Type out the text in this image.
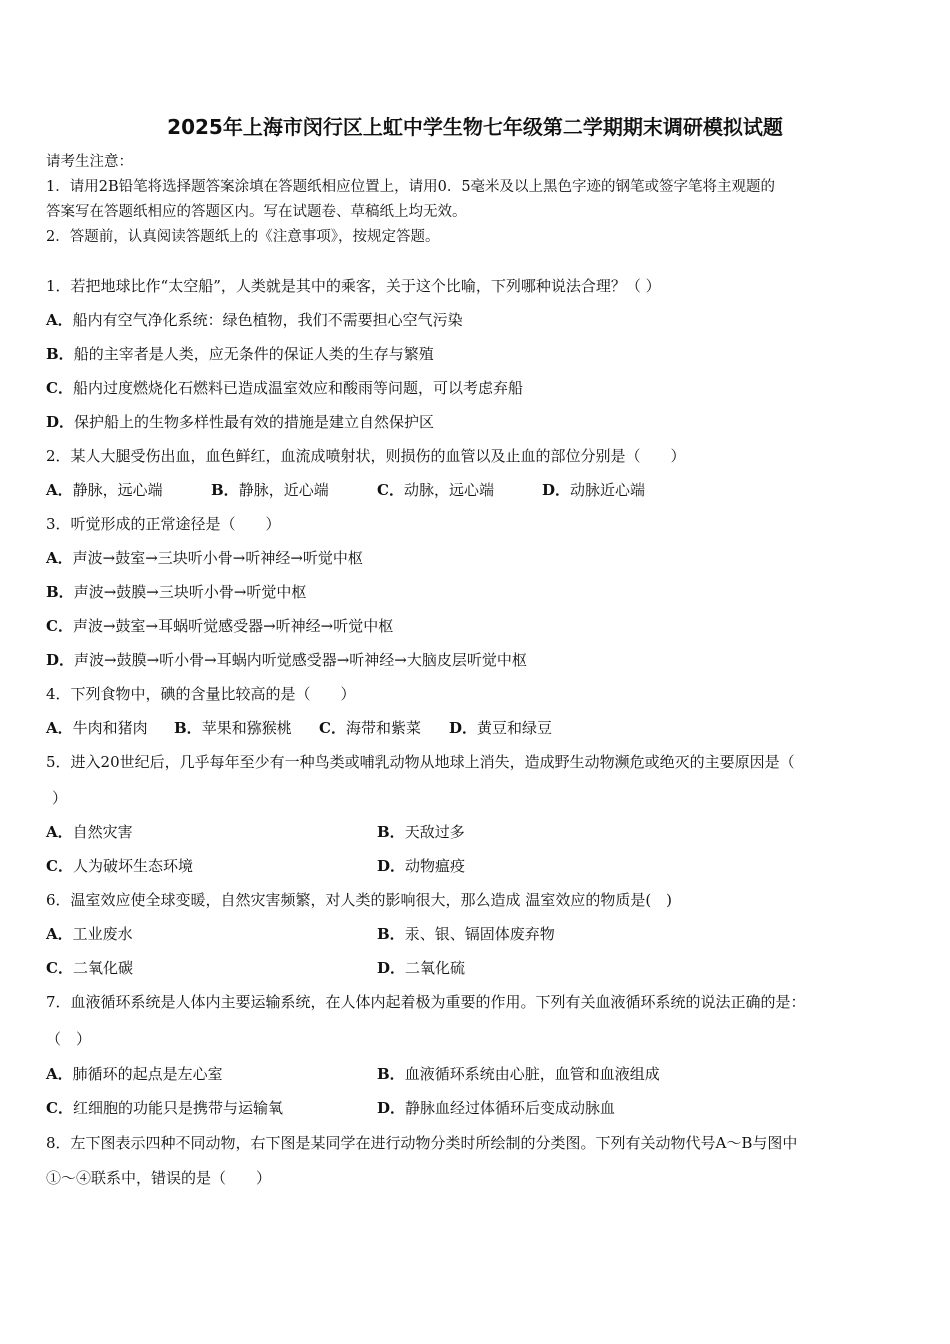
2025年上海市闵行区上虹中学生物七年级第二学期期末调研模拟试题
请考生注意：
1．请用2B铅笔将选择题答案涂填在答题纸相应位置上，请用0．5毫米及以上黑色字迹的钢笔或签字笔将主观题的
答案写在答题纸相应的答题区内。写在试题卷、草稿纸上均无效。
2．答题前，认真阅读答题纸上的《注意事项》，按规定答题。
1．若把地球比作“太空船”，人类就是其中的乘客，关于这个比喻，下列哪种说法合理？（ ）
A．船内有空气净化系统：绿色植物，我们不需要担心空气污染
B．船的主宰者是人类，应无条件的保证人类的生存与繁殖
C．船内过度燃烧化石燃料已造成温室效应和酸雨等问题，可以考虑弃船
D．保护船上的生物多样性最有效的措施是建立自然保护区
2．某人大腿受伤出血，血色鲜红，血流成喷射状，则损伤的血管以及止血的部位分别是（　　）
A．静脉，远心端	B．静脉，近心端	C．动脉，远心端	D．动脉近心端
3．听觉形成的正常途径是（　　）
A．声波→鼓室→三块听小骨→听神经→听觉中枢
B．声波→鼓膜→三块听小骨→听觉中枢
C．声波→鼓室→耳蜗听觉感受器→听神经→听觉中枢
D．声波→鼓膜→听小骨→耳蜗内听觉感受器→听神经→大脑皮层听觉中枢
4．下列食物中，碘的含量比较高的是（　　）
A．牛肉和猪肉 B．苹果和猕猴桃 C．海带和紫菜 D．黄豆和绿豆
5．进入20世纪后，几乎每年至少有一种鸟类或哺乳动物从地球上消失，造成野生动物濒危或绝灭的主要原因是（
）
A．自然灾害	B．天敌过多
C．人为破坏生态环境	D．动物瘟疫
6．温室效应使全球变暖，自然灾害频繁，对人类的影响很大，那么造成 温室效应的物质是(　)
A．工业废水	B．汞、银、镉固体废弃物
C．二氧化碳	D．二氧化硫
7．血液循环系统是人体内主要运输系统，在人体内起着极为重要的作用。下列有关血液循环系统的说法正确的是：
（　）
A．肺循环的起点是左心室	B．血液循环系统由心脏，血管和血液组成
C．红细胞的功能只是携带与运输氧	D．静脉血经过体循环后变成动脉血
8．左下图表示四种不同动物，右下图是某同学在进行动物分类时所绘制的分类图。下列有关动物代号A～B与图中
①～④联系中，错误的是（　　）
